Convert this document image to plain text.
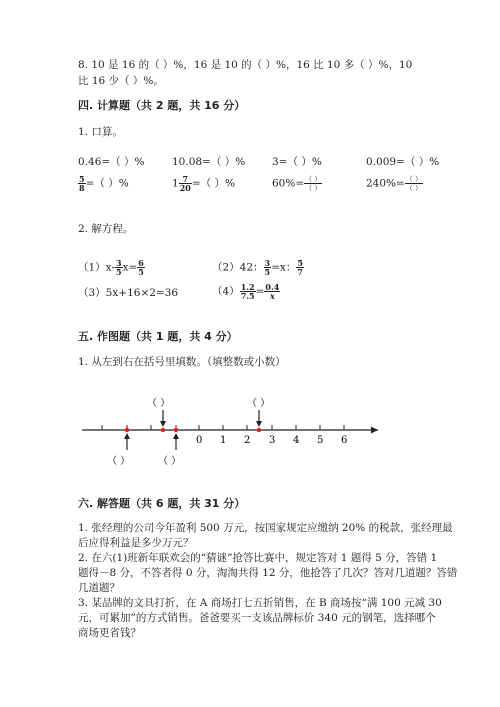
8. 10 是 16 的（ ）%，16 是 10 的（ ）%，16 比 10 多（ ）%，10
比 16 少（ ）%。
四. 计算题（共 2 题，共 16 分）
1. 口算。
0.46=（ ）%	10.08=（ ）%	3=（ ）%	0.009=（ ）%
$\frac{5}{8}$ =（ ）%	$1 \frac{7}{20}$ =（ ）%	$60\%= \frac{( )}{( )}$	$240\%= \frac{( )}{( )}$
2. 解方程。
$(1)x- \frac{3}{5} x= \frac{6}{5}$	（2）42： $\frac{3}{5} =x$： $\frac{5}{7}$
（3）5x+16×2=36	$(4) \frac{1.2}{7.5} = \frac{0.4}{x}$
五. 作图题（共 1 题，共 4 分）
1. 从左到右在括号里填数。（填整数或小数）
0 1 2 3 4 5 6
（ ）	（ ）
（ ）	（ ）
六. 解答题（共 6 题，共 31 分）
1. 张经理的公司今年盈利 500 万元，按国家规定应缴纳 20% 的税款，张经理最
后应得利益是多少万元？
2. 在六(1)班新年联欢会的“猜谜”抢答比赛中，规定答对 1 题得 5 分，答错 1
题得－8 分，不答者得 0 分，淘淘共得 12 分，他抢答了几次？答对几道题？答错
几道题？
3. 某品牌的文具打折，在 A 商场打七五折销售，在 B 商场按“满 100 元减 30
元，可累加”的方式销售。爸爸要买一支该品牌标价 340 元的钢笔，选择哪个
商场更省钱？
